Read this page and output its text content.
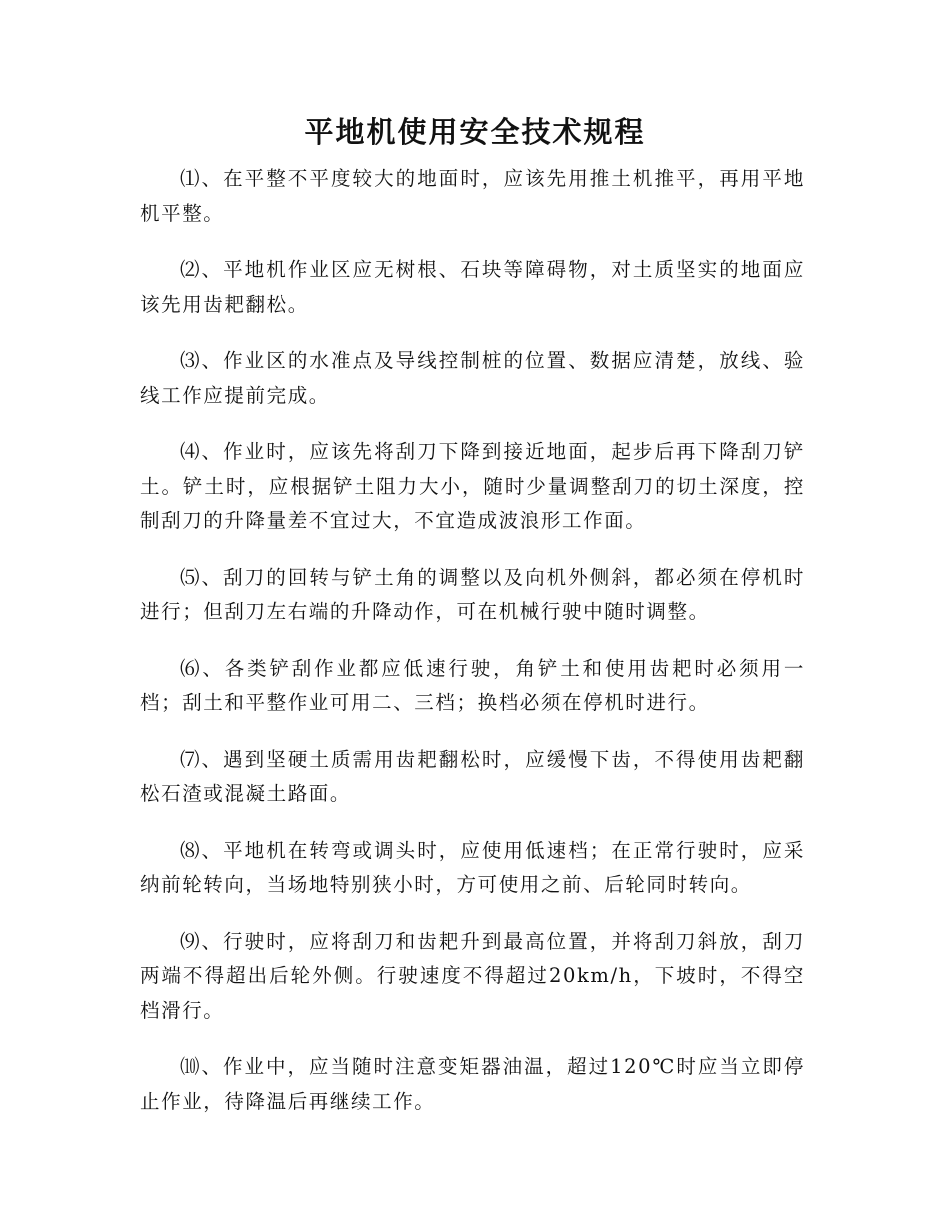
平地机使用安全技术规程

⑴、在平整不平度较大的地面时，应该先用推土机推平，再用平地机平整。

⑵、平地机作业区应无树根、石块等障碍物，对土质坚实的地面应该先用齿耙翻松。

⑶、作业区的水准点及导线控制桩的位置、数据应清楚，放线、验线工作应提前完成。

⑷、作业时，应该先将刮刀下降到接近地面，起步后再下降刮刀铲土。铲土时，应根据铲土阻力大小，随时少量调整刮刀的切土深度，控制刮刀的升降量差不宜过大，不宜造成波浪形工作面。

⑸、刮刀的回转与铲土角的调整以及向机外侧斜，都必须在停机时进行；但刮刀左右端的升降动作，可在机械行驶中随时调整。

⑹、各类铲刮作业都应低速行驶，角铲土和使用齿耙时必须用一档；刮土和平整作业可用二、三档；换档必须在停机时进行。

⑺、遇到坚硬土质需用齿耙翻松时，应缓慢下齿，不得使用齿耙翻松石渣或混凝土路面。

⑻、平地机在转弯或调头时，应使用低速档；在正常行驶时，应采纳前轮转向，当场地特别狭小时，方可使用之前、后轮同时转向。

⑼、行驶时，应将刮刀和齿耙升到最高位置，并将刮刀斜放，刮刀两端不得超出后轮外侧。行驶速度不得超过20km/h，下坡时，不得空档滑行。

⑽、作业中，应当随时注意变矩器油温，超过120℃时应当立即停止作业，待降温后再继续工作。
